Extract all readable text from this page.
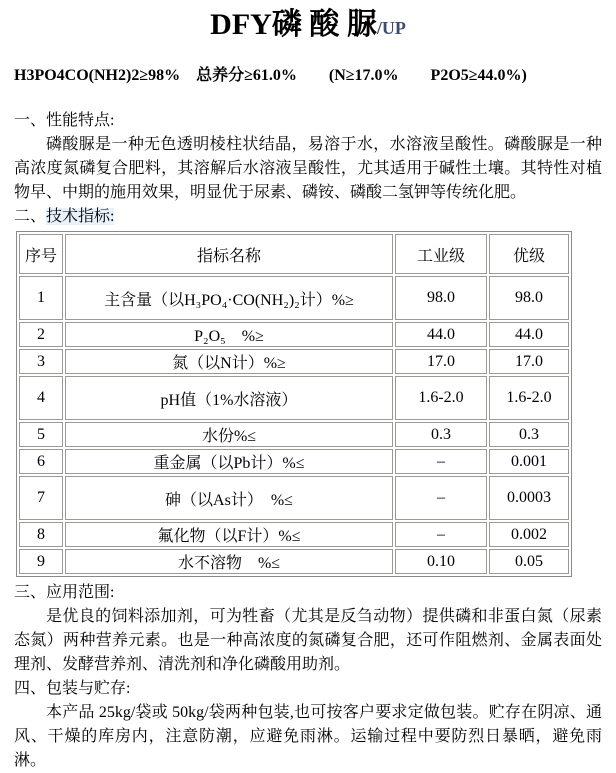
DFY磷 酸 脲/UP
H3PO4CO(NH2)2≥98%　总养分≥61.0%　　(N≥17.0%　　P2O5≥44.0%)
一、性能特点:

磷酸脲是一种无色透明棱柱状结晶，易溶于水，水溶液呈酸性。磷酸脲是一种高浓度氮磷复合肥料，其溶解后水溶液呈酸性，尤其适用于碱性土壤。其特性对植物早、中期的施用效果，明显优于尿素、磷铵、磷酸二氢钾等传统化肥。

二、技术指标:
序号	指标名称	工业级	优级
1	主含量（以H₃PO₄·CO(NH₂)₂计）%≥	98.0	98.0
2	P₂O₅　%≥	44.0	44.0
3	氮（以N计）%≥	17.0	17.0
4	pH值（1%水溶液）	1.6-2.0	1.6-2.0
5	水份%≤	0.3	0.3
6	重金属（以Pb计）%≤	–	0.001
7	砷（以As计）　%≤	–	0.0003
8	氟化物（以F计）%≤	–	0.002
9	水不溶物　%≤	0.10	0.05
三、应用范围:

是优良的饲料添加剂，可为牲畜（尤其是反刍动物）提供磷和非蛋白氮（尿素态氮）两种营养元素。也是一种高浓度的氮磷复合肥，还可作阻燃剂、金属表面处理剂、发酵营养剂、清洗剂和净化磷酸用助剂。

四、包装与贮存:

本产品 25kg/袋或 50kg/袋两种包装,也可按客户要求定做包装。贮存在阴凉、通风、干燥的库房内，注意防潮，应避免雨淋。运输过程中要防烈日暴晒，避免雨淋。
